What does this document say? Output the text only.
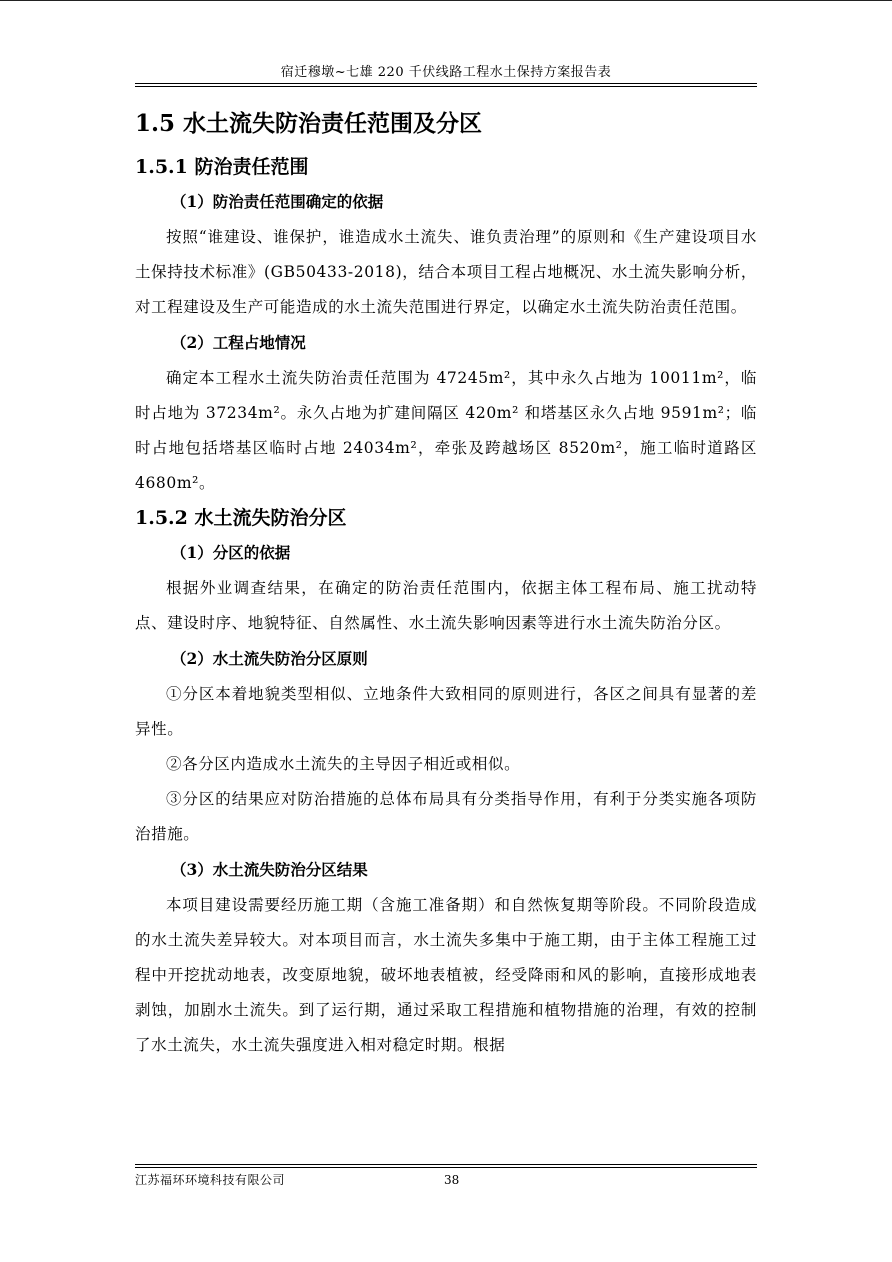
宿迁穆墩~七雄 220 千伏线路工程水土保持方案报告表
1.5 水土流失防治责任范围及分区
1.5.1 防治责任范围
（1）防治责任范围确定的依据

按照“谁建设、谁保护，谁造成水土流失、谁负责治理”的原则和《生产建设项目水土保持技术标准》(GB50433-2018)，结合本项目工程占地概况、水土流失影响分析，对工程建设及生产可能造成的水土流失范围进行界定，以确定水土流失防治责任范围。

（2）工程占地情况

确定本工程水土流失防治责任范围为 47245m²，其中永久占地为 10011m²，临时占地为 37234m²。永久占地为扩建间隔区 420m² 和塔基区永久占地 9591m²；临时占地包括塔基区临时占地 24034m²，牵张及跨越场区 8520m²，施工临时道路区 4680m²。

1.5.2 水土流失防治分区
（1）分区的依据

根据外业调查结果，在确定的防治责任范围内，依据主体工程布局、施工扰动特点、建设时序、地貌特征、自然属性、水土流失影响因素等进行水土流失防治分区。

（2）水土流失防治分区原则

①分区本着地貌类型相似、立地条件大致相同的原则进行，各区之间具有显著的差异性。

②各分区内造成水土流失的主导因子相近或相似。

③分区的结果应对防治措施的总体布局具有分类指导作用，有利于分类实施各项防治措施。

（3）水土流失防治分区结果

本项目建设需要经历施工期（含施工准备期）和自然恢复期等阶段。不同阶段造成的水土流失差异较大。对本项目而言，水土流失多集中于施工期，由于主体工程施工过程中开挖扰动地表，改变原地貌，破坏地表植被，经受降雨和风的影响，直接形成地表剥蚀，加剧水土流失。到了运行期，通过采取工程措施和植物措施的治理，有效的控制了水土流失，水土流失强度进入相对稳定时期。根据

江苏福环环境科技有限公司	38
